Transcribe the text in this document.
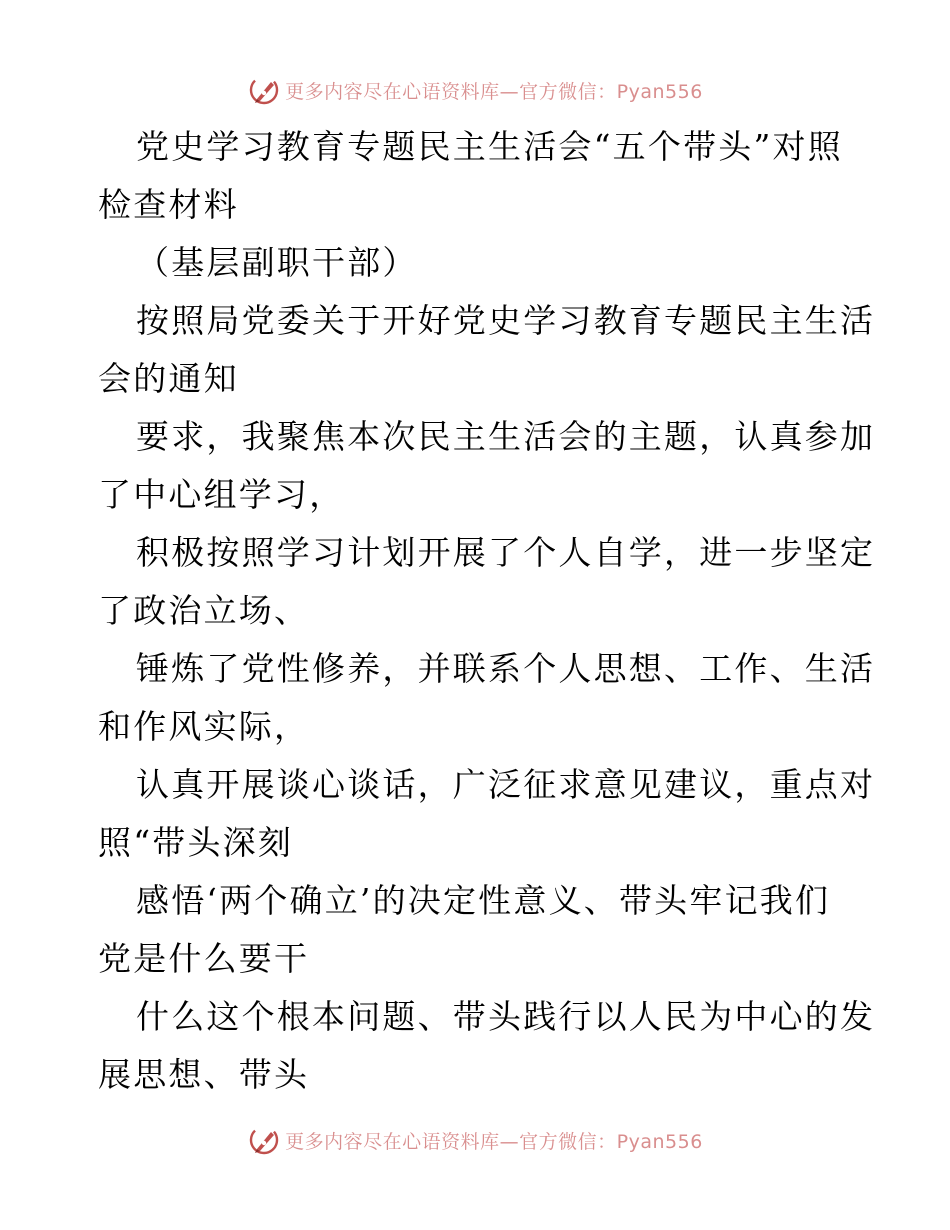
更多内容尽在心语资料库—官方微信：Pyan556
党史学习教育专题民主生活会“五个带头”对照
检查材料
（基层副职干部）
按照局党委关于开好党史学习教育专题民主生活
会的通知
要求，我聚焦本次民主生活会的主题，认真参加
了中心组学习，
积极按照学习计划开展了个人自学，进一步坚定
了政治立场、
锤炼了党性修养，并联系个人思想、工作、生活
和作风实际，
认真开展谈心谈话，广泛征求意见建议，重点对
照“带头深刻
感悟‘两个确立’的决定性意义、带头牢记我们
党是什么要干
什么这个根本问题、带头践行以人民为中心的发
展思想、带头
更多内容尽在心语资料库—官方微信：Pyan556
